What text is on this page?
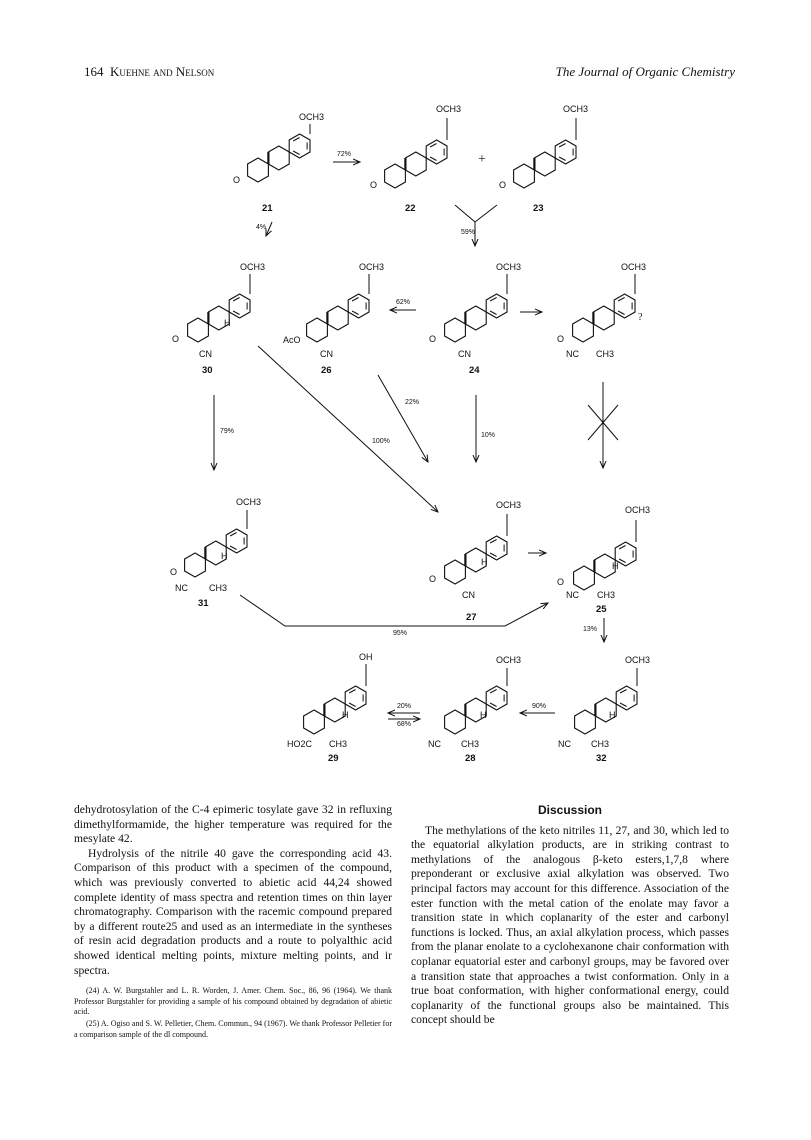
164 Kuehne and Nelson	The Journal of Organic Chemistry
21	22	23
30	26	24
31
27
25
29	28	32
OCH3
OCH3	OCH3
OCH3	OCH3	OCH3	OCH3
OCH3	OCH3	OCH3
OH	OCH3	OCH3
O	O	O
O
H
CN
AcO
CN
O
CN
O
NC CH3
O
H
NC CH3
O
H
CN
O
H
NC CH3
H
HO2C CH3
H
NC CH3
H
NC CH3
+
?
72%
4%
59%
62%
79%
100%
22%
10%
95%
13%
90%
20%
68%

dehydrotosylation of the C-4 epimeric tosylate gave 32 in refluxing dimethylformamide, the higher temperature was required for the mesylate 42.

Hydrolysis of the nitrile 40 gave the corresponding acid 43. Comparison of this product with a specimen of the compound, which was previously converted to abietic acid 44,24 showed complete identity of mass spectra and retention times on thin layer chromatography. Comparison with the racemic compound prepared by a different route25 and used as an intermediate in the syntheses of resin acid degradation products and a route to polyalthic acid showed identical melting points, mixture melting points, and ir spectra.

(24) A. W. Burgstahler and L. R. Worden, J. Amer. Chem. Soc., 86, 96 (1964). We thank Professor Burgstahler for providing a sample of his compound obtained by degradation of abietic acid.

(25) A. Ogiso and S. W. Pelletier, Chem. Commun., 94 (1967). We thank Professor Pelletier for a comparison sample of the dl compound.

Discussion

The methylations of the keto nitriles 11, 27, and 30, which led to the equatorial alkylation products, are in striking contrast to methylations of the analogous β-keto esters,1,7,8 where preponderant or exclusive axial alkylation was observed. Two principal factors may account for this difference. Association of the ester function with the metal cation of the enolate may favor a transition state in which coplanarity of the ester and carbonyl functions is locked. Thus, an axial alkylation process, which passes from the planar enolate to a cyclohexanone chair conformation with coplanar equatorial ester and carbonyl groups, may be favored over a transition state that approaches a twist conformation. Only in a true boat conformation, with higher conformational energy, could coplanarity of the functional groups also be maintained. This concept should be
